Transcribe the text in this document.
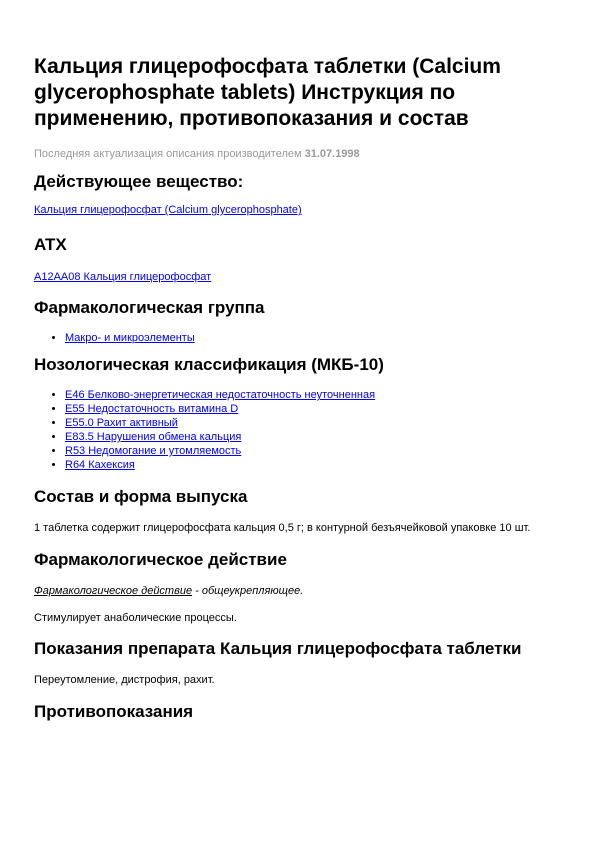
Кальция глицерофосфата таблетки (Calcium glycerophosphate tablets) Инструкция по применению, противопоказания и состав
Последняя актуализация описания производителем 31.07.1998
Действующее вещество:

Кальция глицерофосфат (Calcium glycerophosphate)

ATX

A12AA08 Кальция глицерофосфат

Фармакологическая группа
• Макро- и микроэлементы
Нозологическая классификация (МКБ-10)
• E46 Белково-энергетическая недостаточность неуточненная
• E55 Недостаточность витамина D
• E55.0 Рахит активный
• E83.5 Нарушения обмена кальция
• R53 Недомогание и утомляемость
• R64 Кахексия
Состав и форма выпуска

1 таблетка содержит глицерофосфата кальция 0,5 г; в контурной безъячейковой упаковке 10 шт.

Фармакологическое действие

Фармакологическое действие - общеукрепляющее.

Стимулирует анаболические процессы.

Показания препарата Кальция глицерофосфата таблетки

Переутомление, дистрофия, рахит.

Противопоказания
